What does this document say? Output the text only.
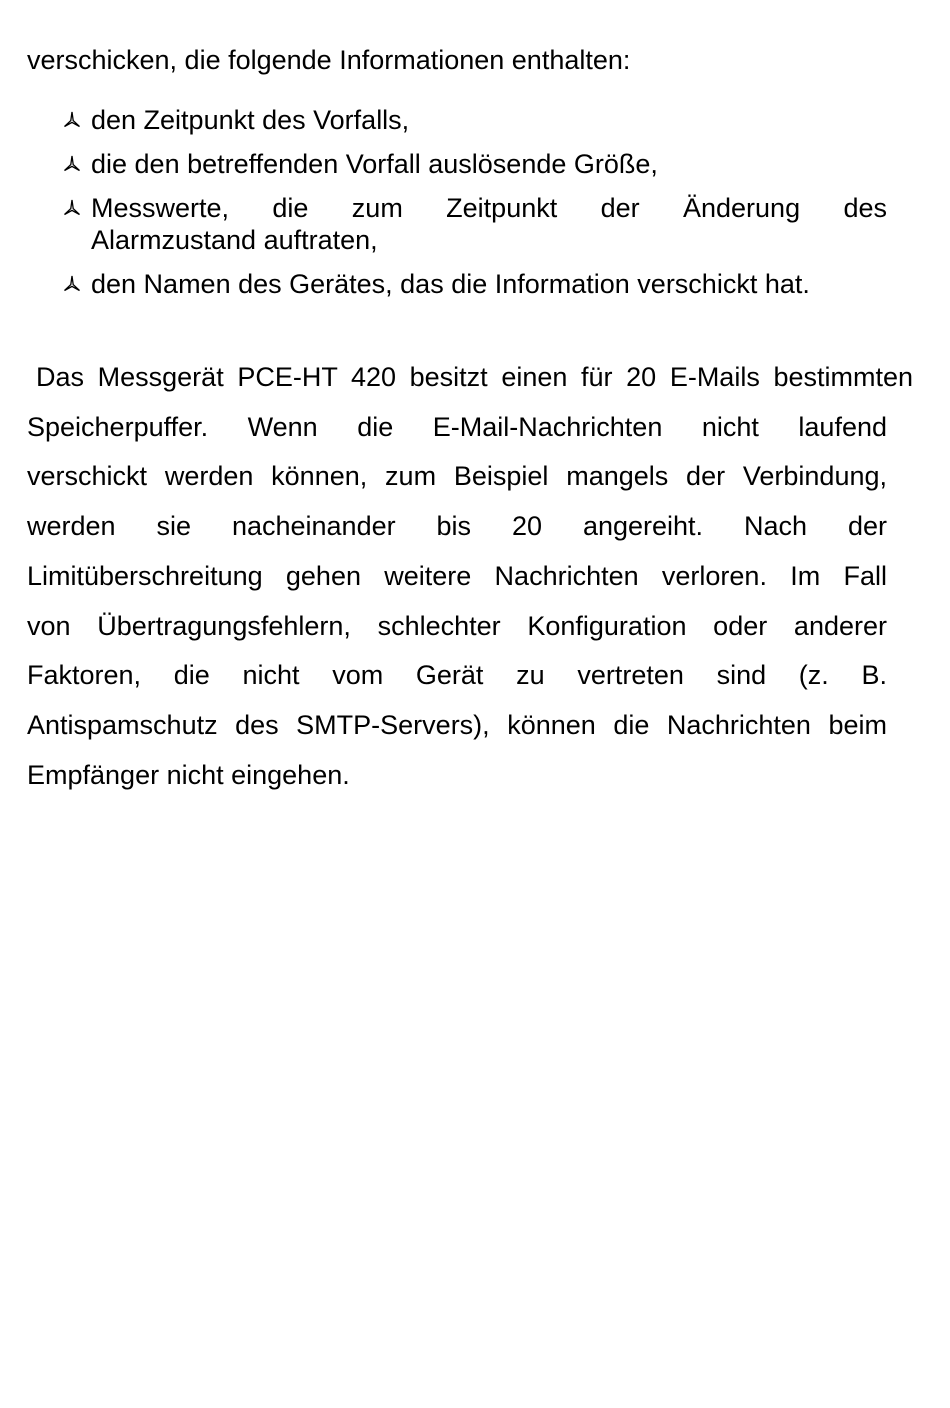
verschicken, die folgende Informationen enthalten:
den Zeitpunkt des Vorfalls,
die den betreffenden Vorfall auslösende Größe,
Messwerte, die zum Zeitpunkt der Änderung des
Alarmzustand auftraten,
den Namen des Gerätes, das die Information verschickt hat.
Das Messgerät PCE-HT 420 besitzt einen für 20 E-Mails bestimmten
Speicherpuffer. Wenn die E-Mail-Nachrichten nicht laufend
verschickt werden können, zum Beispiel mangels der Verbindung,
werden sie nacheinander bis 20 angereiht. Nach der
Limitüberschreitung gehen weitere Nachrichten verloren. Im Fall
von Übertragungsfehlern, schlechter Konfiguration oder anderer
Faktoren, die nicht vom Gerät zu vertreten sind (z. B.
Antispamschutz des SMTP-Servers), können die Nachrichten beim
Empfänger nicht eingehen.
